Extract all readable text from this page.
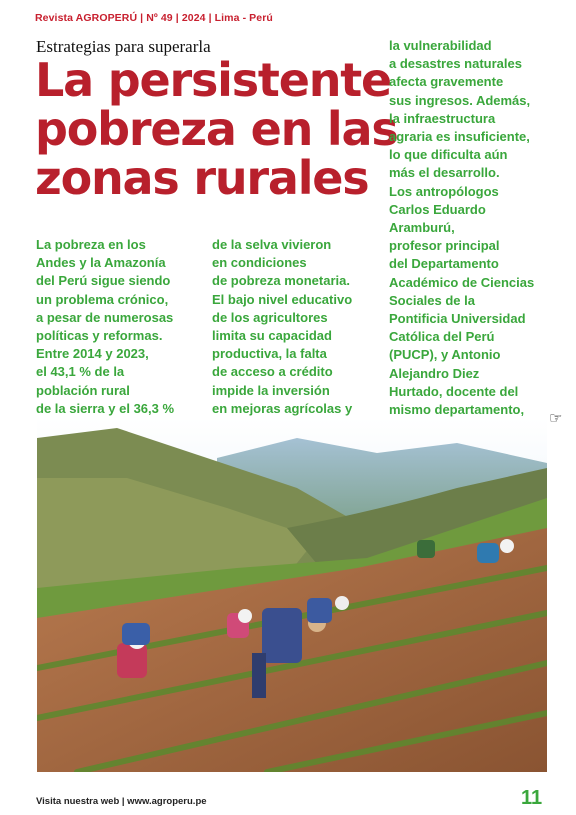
Revista AGROPERÚ | Nº 49 | 2024 | Lima - Perú
Estrategias para superarla
La persistente
pobreza en las
zonas rurales
La pobreza en los
Andes y la Amazonía
del Perú sigue siendo
un problema crónico,
a pesar de numerosas
políticas y reformas.
Entre 2014 y 2023,
el 43,1 % de la
población rural
de la sierra y el 36,3 %
de la selva vivieron
en condiciones
de pobreza monetaria.
El bajo nivel educativo
de los agricultores
limita su capacidad
productiva, la falta
de acceso a crédito
impide la inversión
en mejoras agrícolas y
la vulnerabilidad
a desastres naturales
afecta gravemente
sus ingresos. Además,
la infraestructura
agraria es insuficiente,
lo que dificulta aún
más el desarrollo.
Los antropólogos
Carlos Eduardo
Aramburú,
profesor principal
del Departamento
Académico de Ciencias
Sociales de la
Pontificia Universidad
Católica del Perú
(PUCP), y Antonio
Alejandro Diez
Hurtado, docente del
mismo departamento,
☞
Visita nuestra web | www.agroperu.pe	11
